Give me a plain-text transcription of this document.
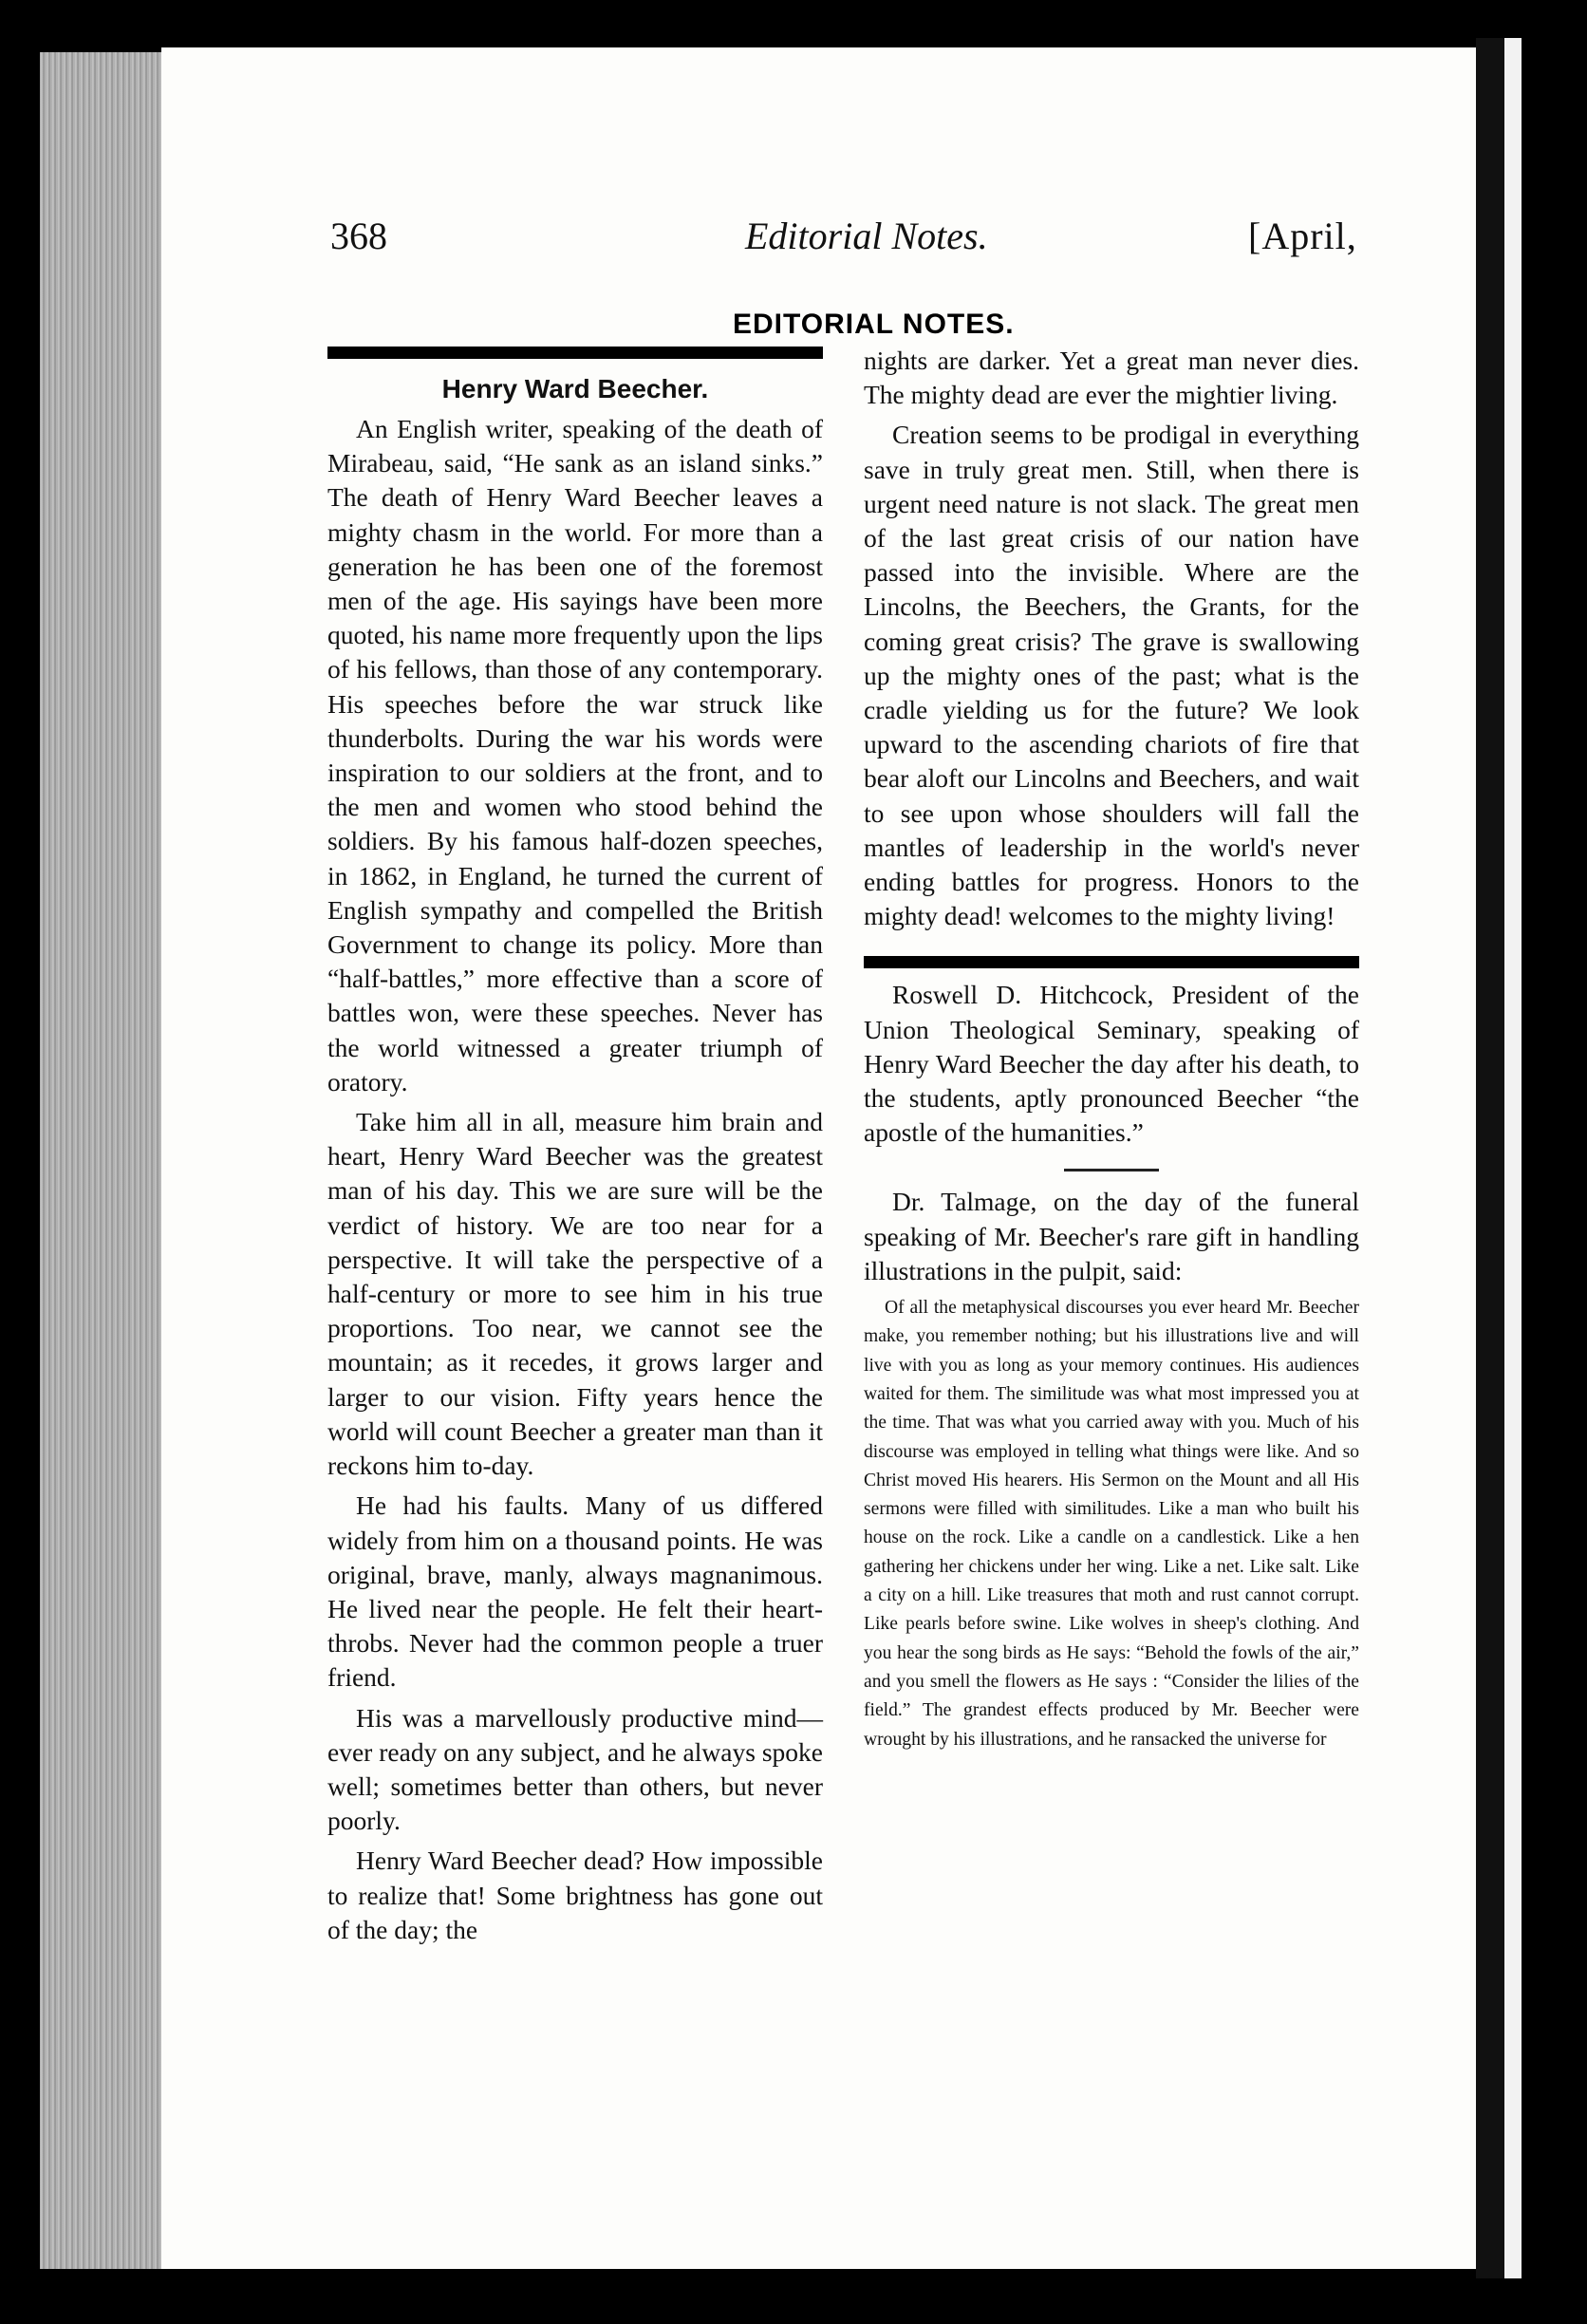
368	Editorial Notes.	[April,
EDITORIAL NOTES.
Henry Ward Beecher.

An English writer, speaking of the death of Mirabeau, said, “He sank as an island sinks.” The death of Henry Ward Beecher leaves a mighty chasm in the world. For more than a generation he has been one of the foremost men of the age. His sayings have been more quoted, his name more frequently upon the lips of his fellows, than those of any contemporary. His speeches before the war struck like thunderbolts. During the war his words were inspiration to our soldiers at the front, and to the men and women who stood behind the soldiers. By his famous half-dozen speeches, in 1862, in England, he turned the current of English sympathy and compelled the British Government to change its policy. More than “half-battles,” more effective than a score of battles won, were these speeches. Never has the world witnessed a greater triumph of oratory.

Take him all in all, measure him brain and heart, Henry Ward Beecher was the greatest man of his day. This we are sure will be the verdict of history. We are too near for a perspective. It will take the perspective of a half-century or more to see him in his true proportions. Too near, we cannot see the mountain; as it recedes, it grows larger and larger to our vision. Fifty years hence the world will count Beecher a greater man than it reckons him to-day.

He had his faults. Many of us differed widely from him on a thousand points. He was original, brave, manly, always magnanimous. He lived near the people. He felt their heart-throbs. Never had the common people a truer friend.

His was a marvellously productive mind—ever ready on any subject, and he always spoke well; sometimes better than others, but never poorly.

Henry Ward Beecher dead? How impossible to realize that! Some brightness has gone out of the day; the

nights are darker. Yet a great man never dies. The mighty dead are ever the mightier living.

Creation seems to be prodigal in everything save in truly great men. Still, when there is urgent need nature is not slack. The great men of the last great crisis of our nation have passed into the invisible. Where are the Lincolns, the Beechers, the Grants, for the coming great crisis? The grave is swallowing up the mighty ones of the past; what is the cradle yielding us for the future? We look upward to the ascending chariots of fire that bear aloft our Lincolns and Beechers, and wait to see upon whose shoulders will fall the mantles of leadership in the world's never ending battles for progress. Honors to the mighty dead! welcomes to the mighty living!

Roswell D. Hitchcock, President of the Union Theological Seminary, speaking of Henry Ward Beecher the day after his death, to the students, aptly pronounced Beecher “the apostle of the humanities.”

Dr. Talmage, on the day of the funeral speaking of Mr. Beecher's rare gift in handling illustrations in the pulpit, said:

Of all the metaphysical discourses you ever heard Mr. Beecher make, you remember nothing; but his illustrations live and will live with you as long as your memory continues. His audiences waited for them. The similitude was what most impressed you at the time. That was what you carried away with you. Much of his discourse was employed in telling what things were like. And so Christ moved His hearers. His Sermon on the Mount and all His sermons were filled with similitudes. Like a man who built his house on the rock. Like a candle on a candlestick. Like a hen gathering her chickens under her wing. Like a net. Like salt. Like a city on a hill. Like treasures that moth and rust cannot corrupt. Like pearls before swine. Like wolves in sheep's clothing. And you hear the song birds as He says: “Behold the fowls of the air,” and you smell the flowers as He says : “Consider the lilies of the field.” The grandest effects produced by Mr. Beecher were wrought by his illustrations, and he ransacked the universe for
